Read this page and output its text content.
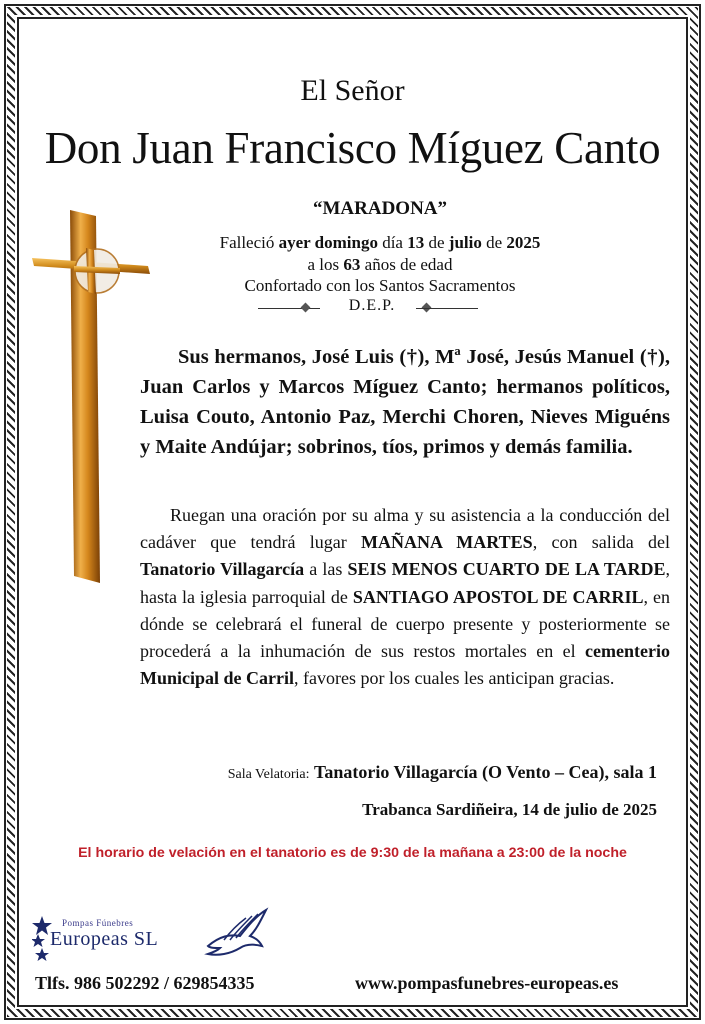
El Señor
Don Juan Francisco Míguez Canto
“MARADONA”
Falleció ayer domingo día 13 de julio de 2025
a los 63 años de edad
Confortado con los Santos Sacramentos
D.E.P.
Sus hermanos, José Luis (†), Mª José, Jesús Manuel (†), Juan Carlos y Marcos Míguez Canto; hermanos políticos, Luisa Couto, Antonio Paz, Merchi Choren, Nieves Miguéns y Maite Andújar; sobrinos, tíos, primos y demás familia.
Ruegan una oración por su alma y su asistencia a la conducción del cadáver que tendrá lugar MAÑANA MARTES, con salida del Tanatorio Villagarcía a las SEIS MENOS CUARTO DE LA TARDE, hasta la iglesia parroquial de SANTIAGO APOSTOL DE CARRIL, en dónde se celebrará el funeral de cuerpo presente y posteriormente se procederá a la inhumación de sus restos mortales en el cementerio Municipal de Carril, favores por los cuales les anticipan gracias.
Sala Velatoria: Tanatorio Villagarcía (O Vento – Cea), sala 1
Trabanca Sardiñeira, 14 de julio de 2025
El horario de velación en el tanatorio es de 9:30 de la mañana a 23:00 de la noche
Pompas Fúnebres
Europeas SL
Tlfs. 986 502292 / 629854335	www.pompasfunebres-europeas.es
